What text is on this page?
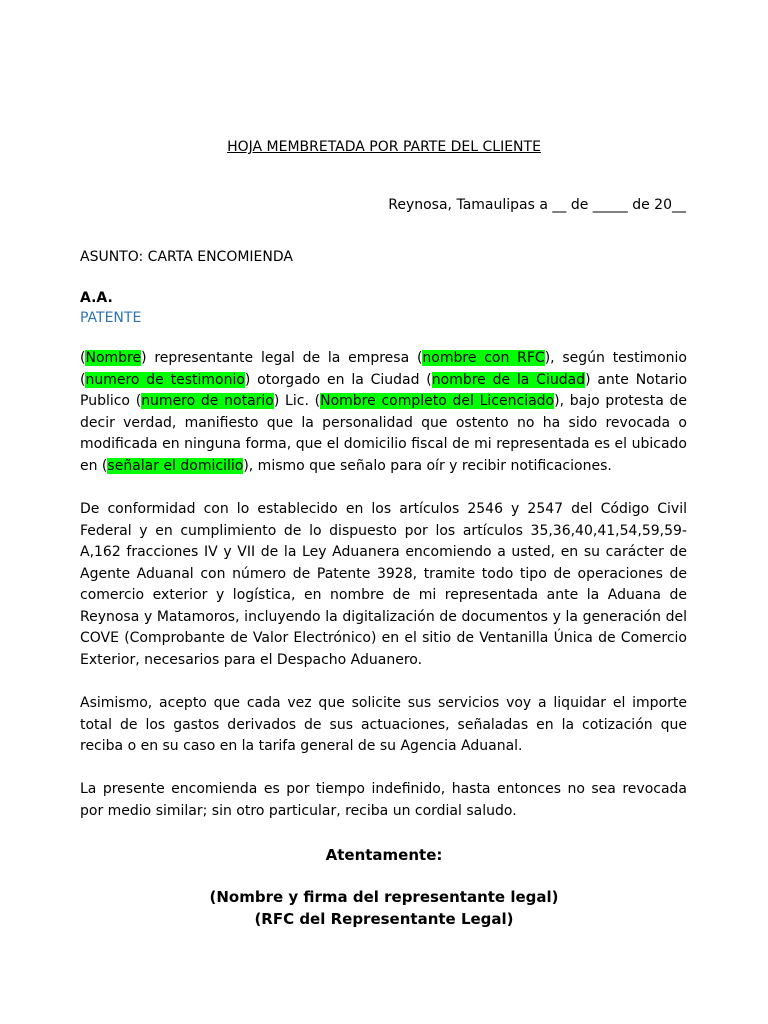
HOJA MEMBRETADA POR PARTE DEL CLIENTE
Reynosa, Tamaulipas a __ de _____ de 20__
ASUNTO: CARTA ENCOMIENDA
A.A.
PATENTE
(Nombre) representante legal de la empresa (nombre con RFC), según testimonio (numero de testimonio) otorgado en la Ciudad (nombre de la Ciudad) ante Notario Publico (numero de notario) Lic. (Nombre completo del Licenciado), bajo protesta de decir verdad, manifiesto que la personalidad que ostento no ha sido revocada o modificada en ninguna forma, que el domicilio fiscal de mi representada es el ubicado en (señalar el domicilio), mismo que señalo para oír y recibir notificaciones.
De conformidad con lo establecido en los artículos 2546 y 2547 del Código Civil Federal y en cumplimiento de lo dispuesto por los artículos 35,36,40,41,54,59,59-A,162 fracciones IV y VII de la Ley Aduanera encomiendo a usted, en su carácter de Agente Aduanal con número de Patente 3928, tramite todo tipo de operaciones de comercio exterior y logística, en nombre de mi representada ante la Aduana de Reynosa y Matamoros, incluyendo la digitalización de documentos y la generación del COVE (Comprobante de Valor Electrónico) en el sitio de Ventanilla Única de Comercio Exterior, necesarios para el Despacho Aduanero.
Asimismo, acepto que cada vez que solicite sus servicios voy a liquidar el importe total de los gastos derivados de sus actuaciones, señaladas en la cotización que reciba o en su caso en la tarifa general de su Agencia Aduanal.
La presente encomienda es por tiempo indefinido, hasta entonces no sea revocada por medio similar; sin otro particular, reciba un cordial saludo.
Atentamente:
(Nombre y firma del representante legal)
(RFC del Representante Legal)
